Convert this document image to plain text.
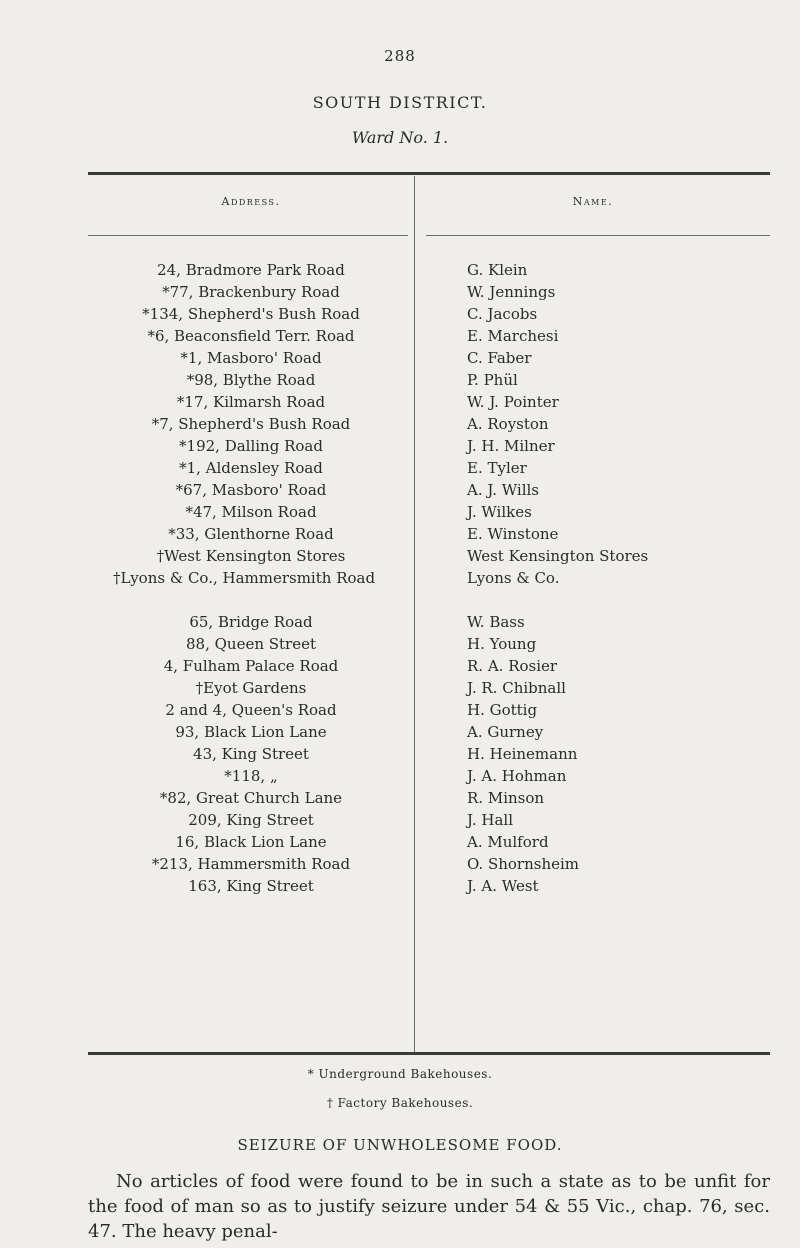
288
SOUTH DISTRICT.
Ward No. 1.
Address.	Name.
24, Bradmore Park Road	G. Klein
*77, Brackenbury Road	W. Jennings
*134, Shepherd's Bush Road	C. Jacobs
*6, Beaconsfield Terr. Road	E. Marchesi
*1, Masboro' Road	C. Faber
*98, Blythe Road	P. Phül
*17, Kilmarsh Road	W. J. Pointer
*7, Shepherd's Bush Road	A. Royston
*192, Dalling Road	J. H. Milner
*1, Aldensley Road	E. Tyler
*67, Masboro' Road	A. J. Wills
*47, Milson Road	J. Wilkes
*33, Glenthorne Road	E. Winstone
†West Kensington Stores	West Kensington Stores
†Lyons & Co., Hammersmith Road	Lyons & Co.
65, Bridge Road	W. Bass
88, Queen Street	H. Young
4, Fulham Palace Road	R. A. Rosier
†Eyot Gardens	J. R. Chibnall
2 and 4, Queen's Road	H. Gottig
93, Black Lion Lane	A. Gurney
43, King Street	H. Heinemann
*118, „	J. A. Hohman
*82, Great Church Lane	R. Minson
209, King Street	J. Hall
16, Black Lion Lane	A. Mulford
*213, Hammersmith Road	O. Shornsheim
163, King Street	J. A. West
* Underground Bakehouses.
† Factory Bakehouses.
SEIZURE OF UNWHOLESOME FOOD.
No articles of food were found to be in such a state as to be unfit for the food of man so as to justify seizure under 54 & 55 Vic., chap. 76, sec. 47. The heavy penal-
